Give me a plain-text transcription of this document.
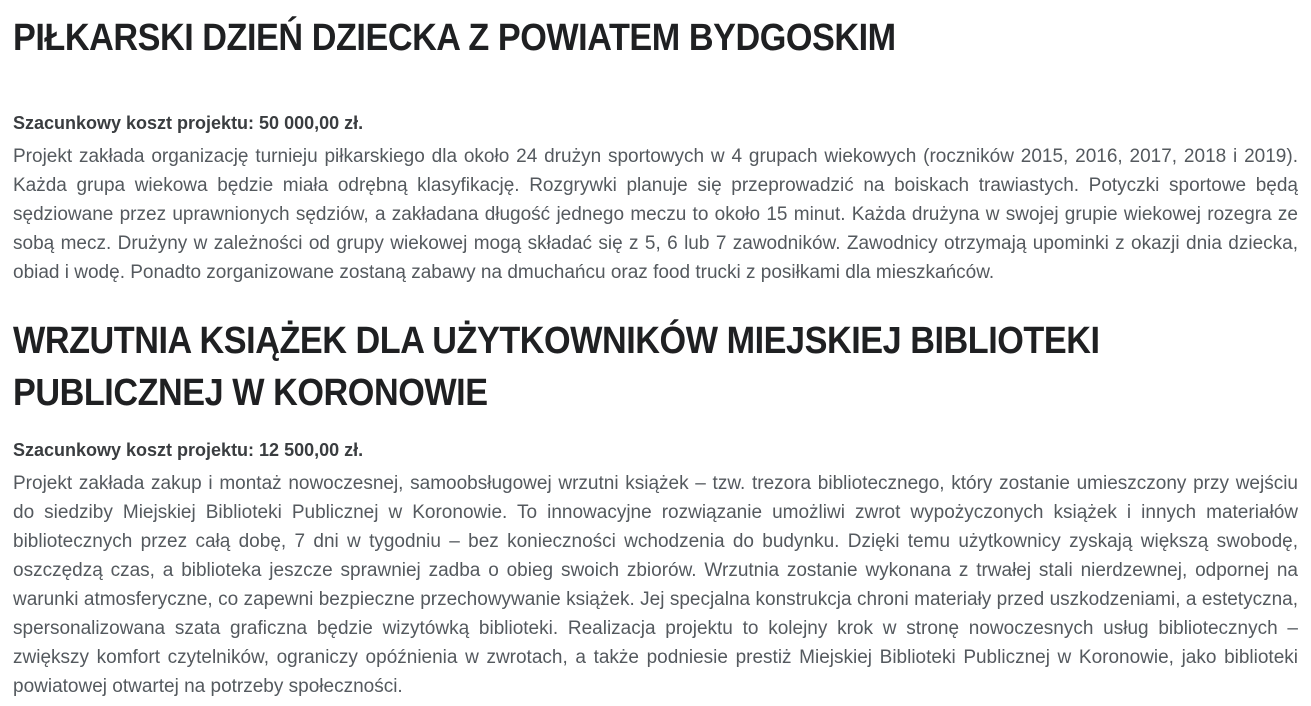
PIŁKARSKI DZIEŃ DZIECKA Z POWIATEM BYDGOSKIM

Szacunkowy koszt projektu: 50 000,00 zł.

Projekt zakłada organizację turnieju piłkarskiego dla około 24 drużyn sportowych w 4 grupach wiekowych (roczników 2015, 2016, 2017, 2018 i 2019). Każda grupa wiekowa będzie miała odrębną klasyfikację. Rozgrywki planuje się przeprowadzić na boiskach trawiastych. Potyczki sportowe będą sędziowane przez uprawnionych sędziów, a zakładana długość jednego meczu to około 15 minut. Każda drużyna w swojej grupie wiekowej rozegra ze sobą mecz. Drużyny w zależności od grupy wiekowej mogą składać się z 5, 6 lub 7 zawodników. Zawodnicy otrzymają upominki z okazji dnia dziecka, obiad i wodę. Ponadto zorganizowane zostaną zabawy na dmuchańcu oraz food trucki z posiłkami dla mieszkańców.

WRZUTNIA KSIĄŻEK DLA UŻYTKOWNIKÓW MIEJSKIEJ BIBLIOTEKI PUBLICZNEJ W KORONOWIE

Szacunkowy koszt projektu: 12 500,00 zł.

Projekt zakłada zakup i montaż nowoczesnej, samoobsługowej wrzutni książek – tzw. trezora bibliotecznego, który zostanie umieszczony przy wejściu do siedziby Miejskiej Biblioteki Publicznej w Koronowie. To innowacyjne rozwiązanie umożliwi zwrot wypożyczonych książek i innych materiałów bibliotecznych przez całą dobę, 7 dni w tygodniu – bez konieczności wchodzenia do budynku. Dzięki temu użytkownicy zyskają większą swobodę, oszczędzą czas, a biblioteka jeszcze sprawniej zadba o obieg swoich zbiorów. Wrzutnia zostanie wykonana z trwałej stali nierdzewnej, odpornej na warunki atmosferyczne, co zapewni bezpieczne przechowywanie książek. Jej specjalna konstrukcja chroni materiały przed uszkodzeniami, a estetyczna, spersonalizowana szata graficzna będzie wizytówką biblioteki. Realizacja projektu to kolejny krok w stronę nowoczesnych usług bibliotecznych – zwiększy komfort czytelników, ograniczy opóźnienia w zwrotach, a także podniesie prestiż Miejskiej Biblioteki Publicznej w Koronowie, jako biblioteki powiatowej otwartej na potrzeby społeczności.
